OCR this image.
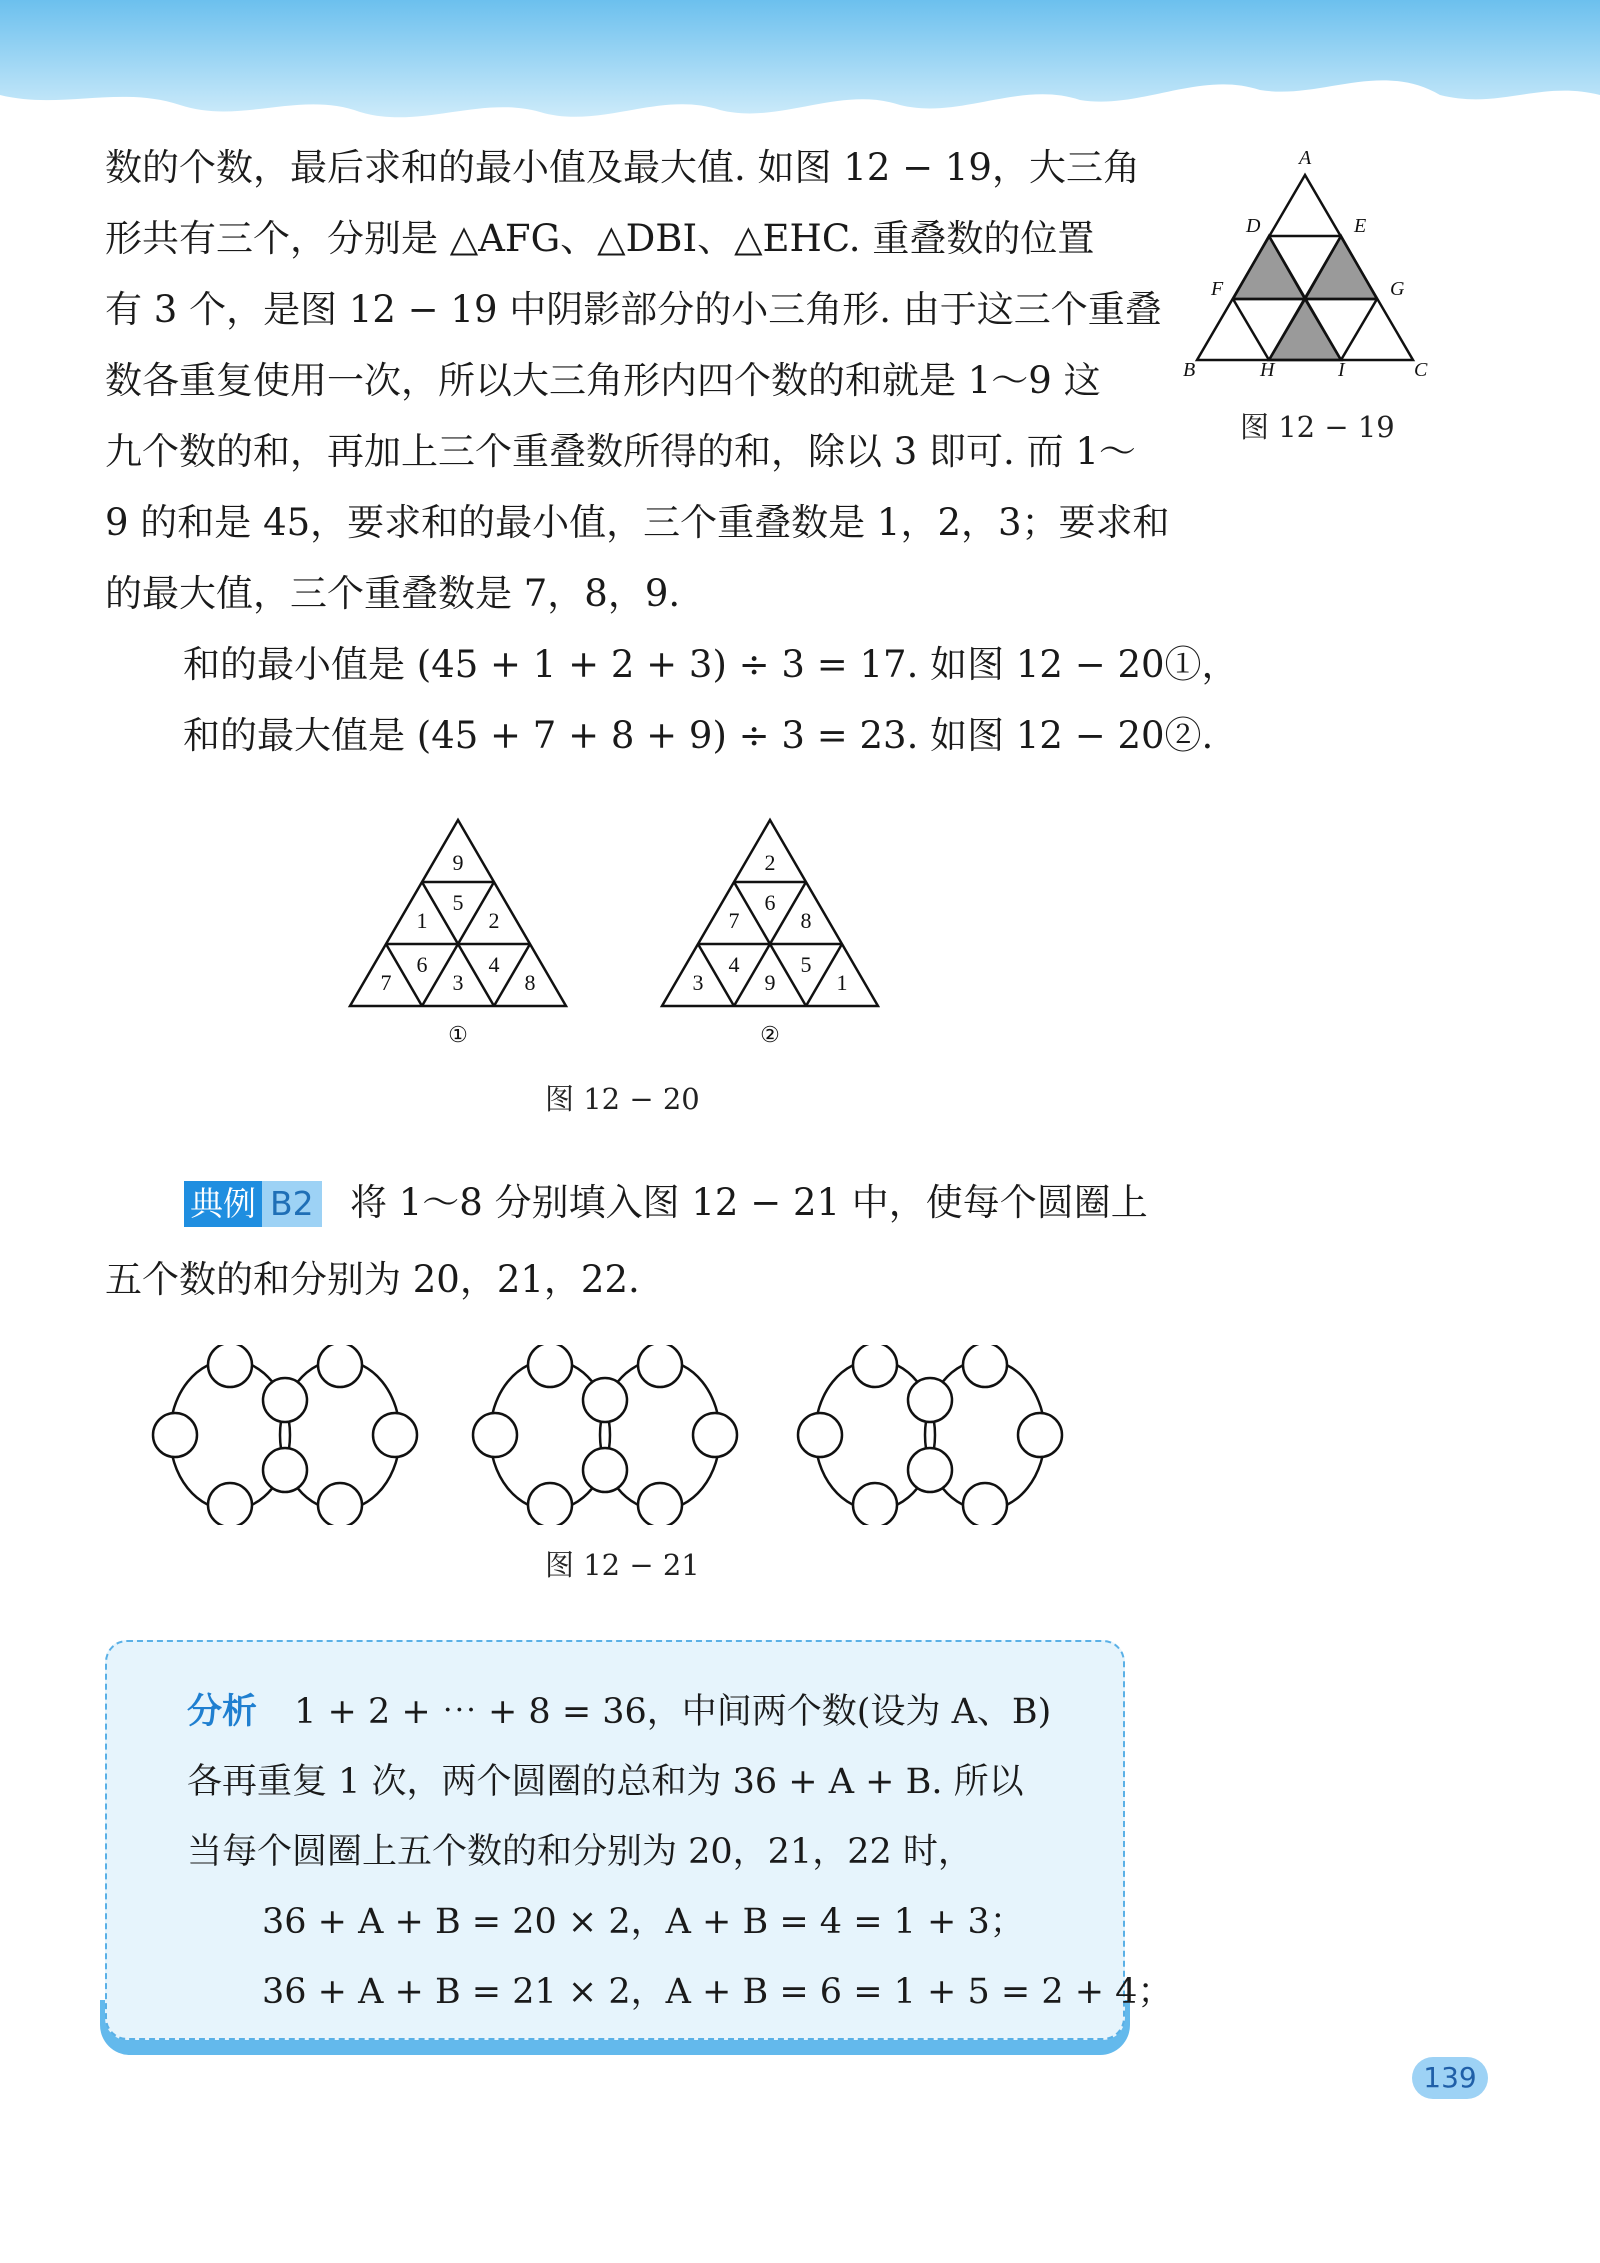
数的个数，最后求和的最小值及最大值. 如图 12 − 19，大三角
形共有三个，分别是 △AFG、△DBI、△EHC. 重叠数的位置
有 3 个，是图 12 − 19 中阴影部分的小三角形. 由于这三个重叠
数各重复使用一次，所以大三角形内四个数的和就是 1～9 这
九个数的和，再加上三个重叠数所得的和，除以 3 即可. 而 1～
9 的和是 45，要求和的最小值，三个重叠数是 1，2，3；要求和
的最大值，三个重叠数是 7，8，9.
和的最小值是 (45 + 1 + 2 + 3) ÷ 3 = 17. 如图 12 − 20①，
和的最大值是 (45 + 7 + 8 + 9) ÷ 3 = 23. 如图 12 − 20②.
A
D	E
F	G
B	H	I	C
图 12 − 19
9
1
5
2
7
6
3
4
8
①
2
7
6
8
3
4
9
5
1
②
图 12 − 20
典例 B2 将 1～8 分别填入图 12 − 21 中，使每个圆圈上
五个数的和分别为 20，21，22.
图 12 − 21
分析 1 + 2 + ⋯ + 8 = 36，中间两个数(设为 A、B)
各再重复 1 次，两个圆圈的总和为 36 + A + B. 所以
当每个圆圈上五个数的和分别为 20，21，22 时，
36 + A + B = 20 × 2，A + B = 4 = 1 + 3；
36 + A + B = 21 × 2，A + B = 6 = 1 + 5 = 2 + 4；
139
